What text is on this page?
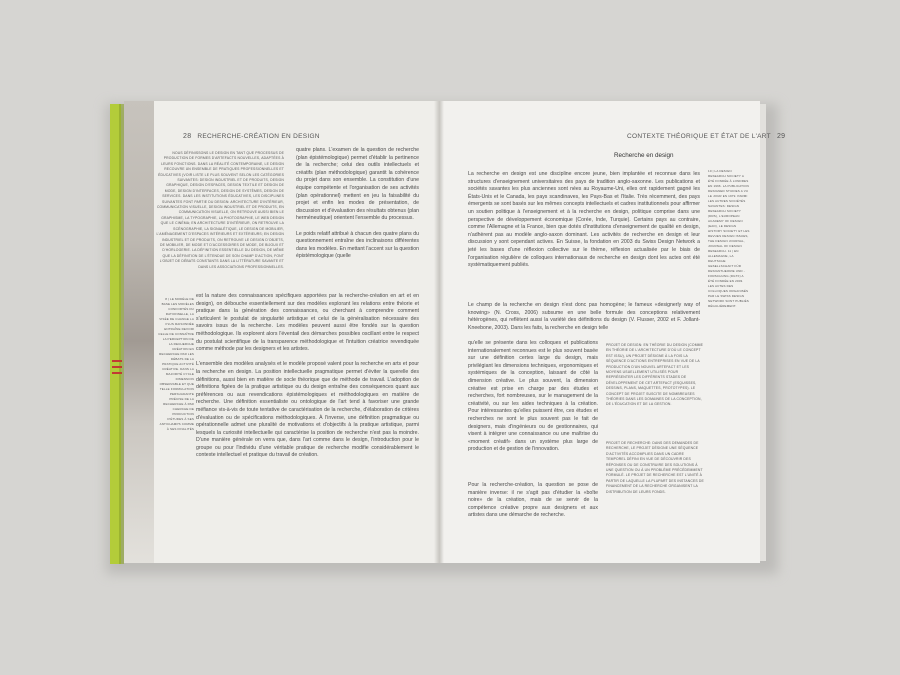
28 RECHERCHE-CRÉATION EN DESIGN
NOUS DÉFINISSONS LE DESIGN EN TANT QUE PROCESSUS DE PRODUCTION DE FORMES D'ARTEFACTS NOUVELLES, ADAPTÉES À LEURS FONCTIONS. DANS LA RÉALITÉ CONTEMPORAINE, LE DESIGN RECOUVRE UN ENSEMBLE DE PRATIQUES PROFESSIONNELLES ET ÉDUCATIVES (VOIR LISTE LE PLUS SOUVENT SELON LES CATÉGORIES SUIVANTES: DESIGN INDUSTRIEL ET DE PRODUITS, DESIGN GRAPHIQUE, DESIGN D'ESPACES, DESIGN TEXTILE ET DESIGN DE MODE, DESIGN D'INTERFACES, DESIGN DE SYSTÈMES, DESIGN DE SERVICES. DANS LES INSTITUTIONS ÉDUCATIVES, LES DISCIPLINES SUIVANTES FONT PARTIE DU DESIGN: ARCHITECTURE D'INTÉRIEUR, COMMUNICATION VISUELLE, DESIGN INDUSTRIEL ET DE PRODUITS, EN COMMUNICATION VISUELLE, ON RETROUVE AUSSI BIEN LE GRAPHISME, LA TYPOGRAPHIE, LA PHOTOGRAPHIE, LE WEB DESIGN QUE LE CINÉMA; EN ARCHITECTURE D'INTÉRIEUR, ON RETROUVE LA SCÉNOGRAPHIE, LA SIGNALÉTIQUE, LE DESIGN DE MOBILIER, L'AMÉNAGEMENT D'ESPACES INTÉRIEURS ET EXTÉRIEURS; EN DESIGN INDUSTRIEL ET DE PRODUITS, ON RETROUVE LE DESIGN D'OBJETS, DE MOBILIER, DE MODE ET D'ACCESSOIRES DE MODE, DE BIJOUX ET D'HORLOGERIE. LA DÉFINITION ESSENTIELLE DU DESIGN, DE MÊME QUE LA DÉFINITION DE L'ÉTENDUE DE SON CHAMP D'ACTION, FONT L'OBJET DE DÉBATS CONSTANTS DANS LA LITTÉRATURE SAVANTE ET DANS LES ASSOCIATIONS PROFESSIONNELLES.
8 | LE MODÈLE DE BASE LES MODÈLES CONFORTÉS DU RATIONNELLE, LA VISÉE DE CHANGE LA PLUS RAISONNÉE ENTRAÎNE DEVOIR CELLE DE CONNAÎTRE LA PERCEPTION DE LA RECHERCHE CRÉATION EN RECHERCHE PAR LES DÉBATS DE LA PRATIQUE ACTIVITÉ CRÉATIVE. DANS LA MAJORITÉ CYCLE DIMENSION OBSERVABLE ET QUE TELLE FORMULATION PERSUADANTE PRÉCISE DE LA RECHERCHE À PAR CHERCHE DE PRODUCTION D'ÉTUDES À SES ANTICHAMPS COMME À SES FINALITÉS

quatre plans. L'examen de la question de recherche (plan épistémologique) permet d'établir la pertinence de la recherche; celui des outils intellectuels et créatifs (plan méthodologique) garantit la cohérence du projet dans son ensemble. La constitution d'une équipe compétente et l'organisation de ses activités (plan opérationnel) mettent en jeu la faisabilité du projet et enfin les modes de présentation, de discussion et d'évaluation des résultats obtenus (plan herméneutique) orientent l'ensemble du processus.

Le poids relatif attribué à chacun des quatre plans du questionnement entraîne des inclinaisons différentes dans les modèles. En mettant l'accent sur la question épistémologique (quelle

est la nature des connaissances spécifiques apportées par la recherche-création en art et en design), on débouche essentiellement sur des modèles explorant les relations entre théorie et pratique dans la génération des connaissances, ou cherchant à comprendre comment s'articulent le postulat de singularité artistique et celui de la généralisation nécessaire des savoirs issus de la recherche. Les modèles peuvent aussi être fondés sur la question méthodologique. Ils explorent alors l'éventail des démarches possibles oscillant entre le respect du postulat scientifique de la transparence méthodologique et l'intuition créatrice revendiquée comme méthode par les designers et les artistes.

L'ensemble des modèles analysés et le modèle proposé valent pour la recherche en arts et pour la recherche en design. La position intellectuelle pragmatique permet d'éviter la querelle des définitions, aussi bien en matière de socle théorique que de méthode de travail. L'adoption de définitions figées de la pratique artistique ou du design entraîne des conséquences quant aux préférences ou aux revendications épistémologiques et méthodologiques en matière de recherche. Une définition essentialiste ou ontologique de l'art tend à favoriser une grande méfiance vis-à-vis de toute tentative de caractérisation de la recherche, d'élaboration de critères d'évaluation ou de spécifications méthodologiques. À l'inverse, une définition pragmatique ou opérationnelle admet une pluralité de motivations et d'objectifs à la pratique artistique, parmi lesquels la curiosité intellectuelle qui caractérise la position de recherche n'est pas la moindre. D'une manière générale on verra que, dans l'art comme dans le design, l'introduction pour le groupe ou pour l'individu d'une véritable pratique de recherche modifie considérablement le contexte intellectuel et pratique du travail de création.

CONTEXTE THÉORIQUE ET ÉTAT DE L'ART 29
Recherche en design
La recherche en design est une discipline encore jeune, bien implantée et reconnue dans les structures d'enseignement universitaires des pays de tradition anglo-saxonne. Les publications et sociétés savantes les plus anciennes sont nées au Royaume-Uni, elles ont rapidement gagné les États-Unis et le Canada, les pays scandinaves, les Pays-Bas et l'Italie. Très récemment, des pays émergents se sont basés sur les mêmes concepts intellectuels et cadres institutionnels pour affirmer un soutien politique à l'enseignement et à la recherche en design, politique comprise dans une perspective de développement économique (Corée, Inde, Turquie). Certains pays au contraire, comme l'Allemagne et la France, bien que dotés d'institutions d'enseignement de qualité en design, n'adhèrent pas au modèle anglo-saxon dominant. Les activités de recherche en design et leur discussion y sont cependant actives. En Suisse, la fondation en 2003 du Swiss Design Network a jeté les bases d'une réflexion collective sur le thème, réflexion actualisée par le biais de l'organisation régulière de colloques internationaux de recherche en design dont les actes ont été systématiquement publiés.
Le champ de la recherche en design n'est donc pas homogène; le fameux «designerly way of knowing» (N. Cross, 2006) subsume en une belle formule des conceptions relativement hétérogènes, qui reflètent aussi la variété des définitions du design (V. Flusser, 2002 et F. Jollant-Kneebone, 2003). Dans les faits, la recherche en design telle
qu'elle se présente dans les colloques et publications internationalement reconnues est le plus souvent basée sur une définition certes large du design, mais privilégiant les dimensions techniques, ergonomiques et systémiques de la conception, laissant de côté la dimension créative. Le plus souvent, la dimension créative est prise en charge par des études et recherches, fort nombreuses, sur le management de la créativité, ou sur les aides techniques à la création. Pour intéressantes qu'elles puissent être, ces études et recherches ne sont le plus souvent pas le fait de designers, mais d'ingénieurs ou de gestionnaires, qui visent à intégrer une connaissance ou une maîtrise du «moment créatif» dans un système plus large de production et de gestion de l'innovation.
Pour la recherche-création, la question se pose de manière inverse: il ne s'agit pas d'étudier la «boîte noire» de la création, mais de se servir de la compétence créative propre aux designers et aux artistes dans une démarche de recherche.
PROJET DE DESIGN: EN THÉORIE DU DESIGN (COMME EN THÉORIE DE L'ARCHITECTURE D'OÙ LE CONCEPT EST ISSU), UN PROJET DÉSIGNE À LA FOIS LA SÉQUENCE D'ACTIONS ENTREPRISES EN VUE DE LA PRODUCTION D'UN NOUVEL ARTEFACT ET LES MOYENS USUELLEMENT UTILISÉS POUR REPRÉSENTER LES DIFFÉRENTS STADES DE DÉVELOPPEMENT DE CET ARTEFACT (ESQUISSES, DESSINS, PLANS, MAQUETTES, PROTOTYPES). LE CONCEPT DE PROJET SUSCITE DE NOMBREUSES THÉORIES DANS LES DOMAINES DE LA CONCEPTION, DE L'ÉDUCATION ET DE LA GESTION.
PROJET DE RECHERCHE: DANS DES DEMANDES DE RECHERCHE, LE PROJET DÉSIGNE UNE SÉQUENCE D'ACTIVITÉS ACCOMPLIES DANS UN CADRE TEMPOREL DÉFINI EN VUE DE DÉCOUVRIR DES RÉPONSES OU DE CONSTRUIRE DES SOLUTIONS À UNE QUESTION OU À UN PROBLÈME PRÉCÉDEMMENT FORMULÉ. LE PROJET DE RECHERCHE EST L'UNITÉ À PARTIR DE LAQUELLE LA PLUPART DES INSTANCES DE FINANCEMENT DE LA RECHERCHE ORGANISENT LA DISTRIBUTION DE LEURS FONDS.
10 | LA DESIGN RESEARCH SOCIETY A ÉTÉ FONDÉE À LONDRES EN 1966. LA PUBLICATION DESIGNED STUDIES A VU LE JOUR EN 1979. PARMI LES AUTRES SOCIÉTÉS SAVANTES: DESIGN RESEARCH SOCIETY (DRS), L'EUROPEAN ACADEMY OF DESIGN (EAD), LE DESIGN HISTORY SOCIETY ET LES REVUES DESIGN ISSUES, THE DESIGN JOURNAL, JOURNAL OF DESIGN RESEARCH. 11 | EN ALLEMAGNE, LA DEUTSCHE GESELLSCHAFT FÜR DESIGNTHEORIE UND -FORSCHUNG (DGTF) A ÉTÉ FONDÉE EN 2003. LES ACTES DES COLLOQUES ORGANISÉS PAR LE SWISS DESIGN NETWORK SONT PUBLIÉS RÉGULIÈREMENT.
